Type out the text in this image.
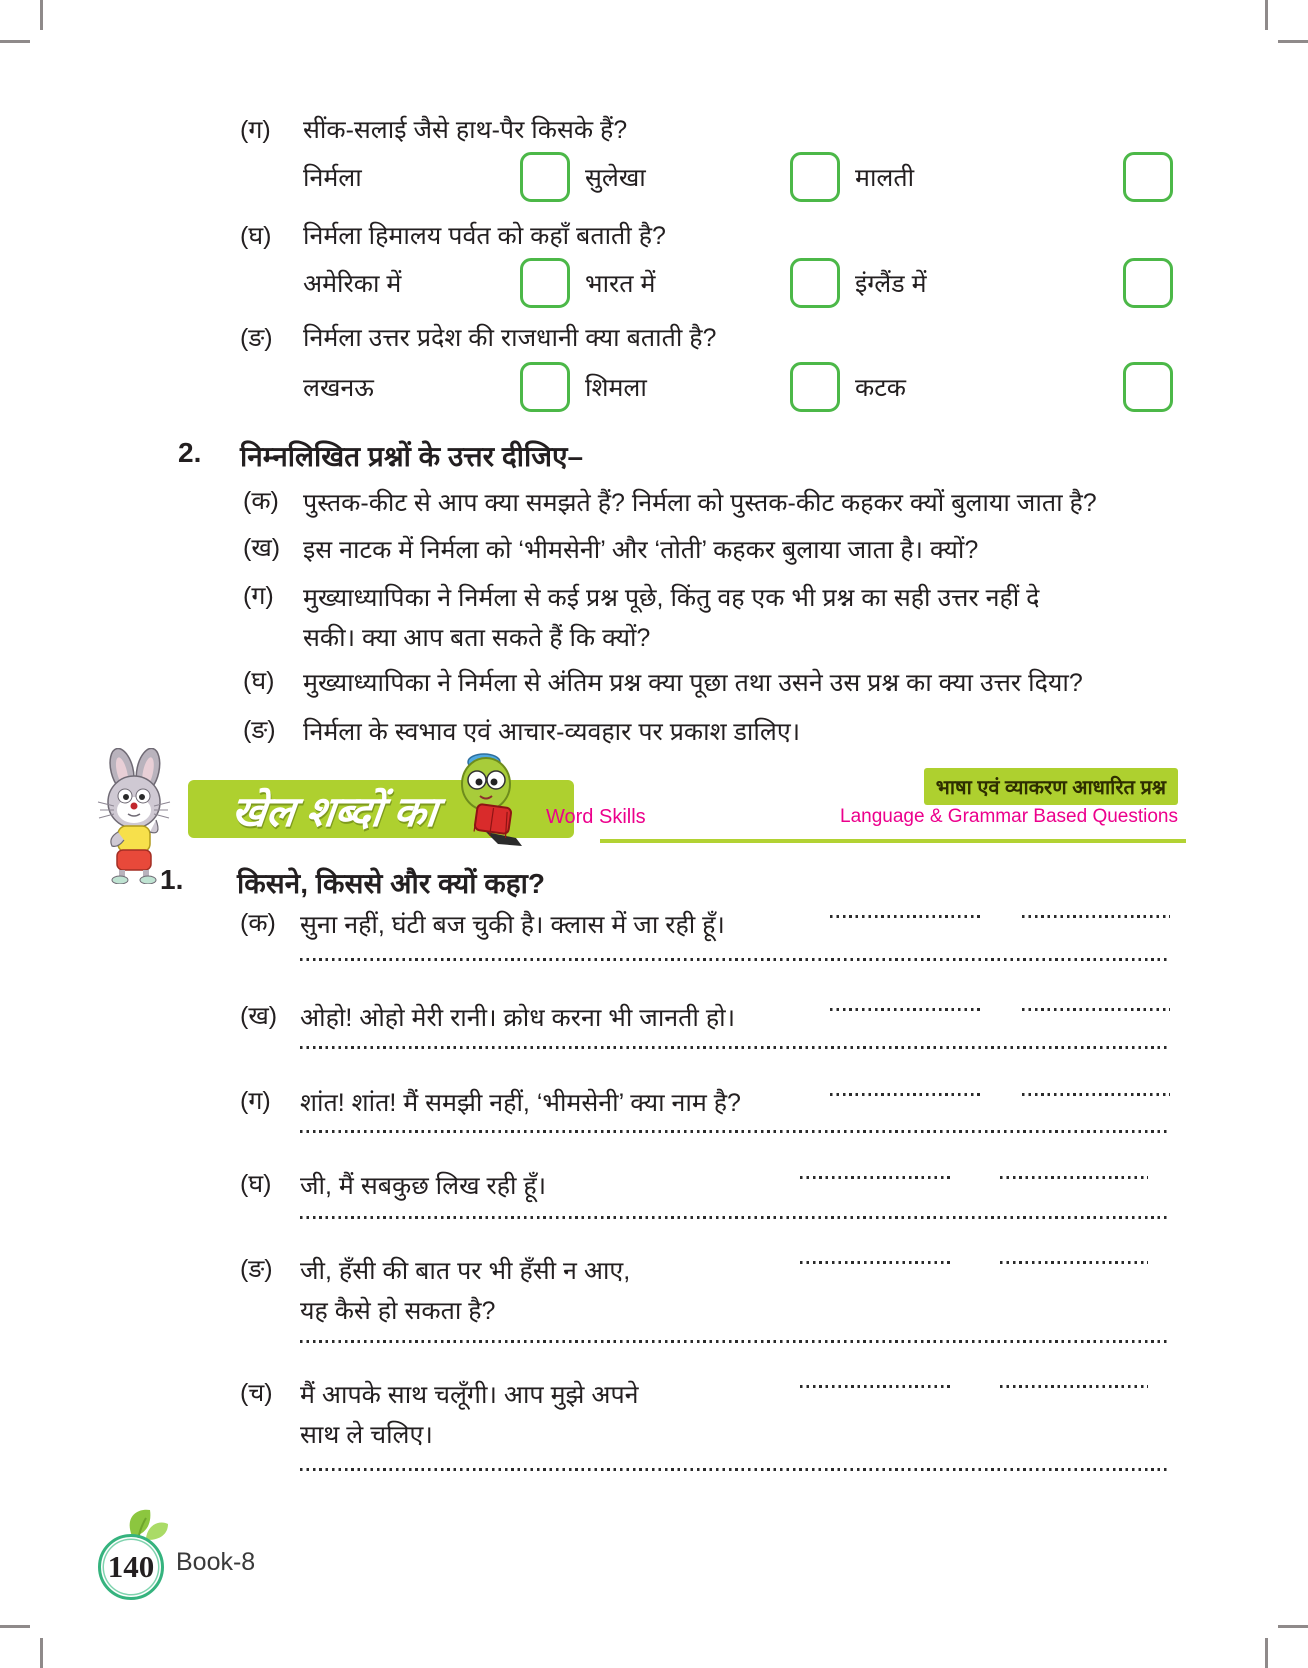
(ग) सींक-सलाई जैसे हाथ-पैर किसके हैं?
निर्मला	सुलेखा	मालती
(घ) निर्मला हिमालय पर्वत को कहाँ बताती है?
अमेरिका में	भारत में	इंग्लैंड में
(ङ) निर्मला उत्तर प्रदेश की राजधानी क्या बताती है?
लखनऊ	शिमला	कटक
2. निम्नलिखित प्रश्नों के उत्तर दीजिए–
(क) पुस्तक-कीट से आप क्या समझते हैं? निर्मला को पुस्तक-कीट कहकर क्यों बुलाया जाता है?
(ख) इस नाटक में निर्मला को ‘भीमसेनी’ और ‘तोती’ कहकर बुलाया जाता है। क्यों?
(ग) मुख्याध्यापिका ने निर्मला से कई प्रश्न पूछे, किंतु वह एक भी प्रश्न का सही उत्तर नहीं दे
सकी। क्या आप बता सकते हैं कि क्यों?
(घ) मुख्याध्यापिका ने निर्मला से अंतिम प्रश्न क्या पूछा तथा उसने उस प्रश्न का क्या उत्तर दिया?
(ङ) निर्मला के स्वभाव एवं आचार-व्यवहार पर प्रकाश डालिए।
खेल शब्दों का	Word Skills
भाषा एवं व्याकरण आधारित प्रश्न
Language & Grammar Based Questions
1. किसने, किससे और क्यों कहा?
(क) सुना नहीं, घंटी बज चुकी है। क्लास में जा रही हूँ।
(ख) ओहो! ओहो मेरी रानी। क्रोध करना भी जानती हो।
(ग) शांत! शांत! मैं समझी नहीं, ‘भीमसेनी’ क्या नाम है?
(घ) जी, मैं सबकुछ लिख रही हूँ।
(ङ) जी, हँसी की बात पर भी हँसी न आए,
यह कैसे हो सकता है?
(च) मैं आपके साथ चलूँगी। आप मुझे अपने
साथ ले चलिए।
140 Book-8
